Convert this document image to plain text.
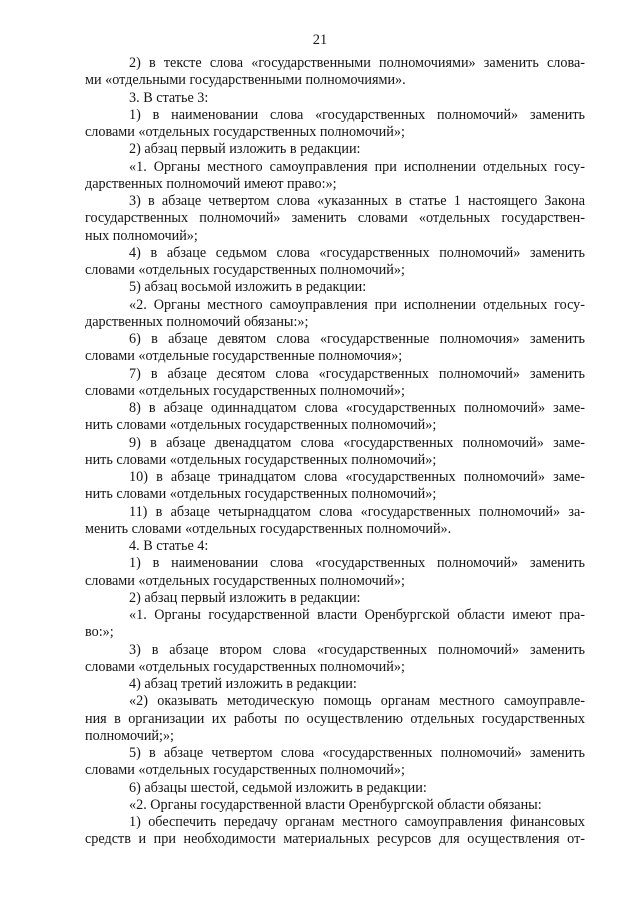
21
2) в тексте слова «государственными полномочиями» заменить слова-
ми «отдельными государственными полномочиями».
3. В статье 3:
1) в наименовании слова «государственных полномочий» заменить
словами «отдельных государственных полномочий»;
2) абзац первый изложить в редакции:
«1. Органы местного самоуправления при исполнении отдельных госу-
дарственных полномочий имеют право:»;
3) в абзаце четвертом слова «указанных в статье 1 настоящего Закона
государственных полномочий» заменить словами «отдельных государствен-
ных полномочий»;
4) в абзаце седьмом слова «государственных полномочий» заменить
словами «отдельных государственных полномочий»;
5) абзац восьмой изложить в редакции:
«2. Органы местного самоуправления при исполнении отдельных госу-
дарственных полномочий обязаны:»;
6) в абзаце девятом слова «государственные полномочия» заменить
словами «отдельные государственные полномочия»;
7) в абзаце десятом слова «государственных полномочий» заменить
словами «отдельных государственных полномочий»;
8) в абзаце одиннадцатом слова «государственных полномочий» заме-
нить словами «отдельных государственных полномочий»;
9) в абзаце двенадцатом слова «государственных полномочий» заме-
нить словами «отдельных государственных полномочий»;
10) в абзаце тринадцатом слова «государственных полномочий» заме-
нить словами «отдельных государственных полномочий»;
11) в абзаце четырнадцатом слова «государственных полномочий» за-
менить словами «отдельных государственных полномочий».
4. В статье 4:
1) в наименовании слова «государственных полномочий» заменить
словами «отдельных государственных полномочий»;
2) абзац первый изложить в редакции:
«1. Органы государственной власти Оренбургской области имеют пра-
во:»;
3) в абзаце втором слова «государственных полномочий» заменить
словами «отдельных государственных полномочий»;
4) абзац третий изложить в редакции:
«2) оказывать методическую помощь органам местного самоуправле-
ния в организации их работы по осуществлению отдельных государственных
полномочий;»;
5) в абзаце четвертом слова «государственных полномочий» заменить
словами «отдельных государственных полномочий»;
6) абзацы шестой, седьмой изложить в редакции:
«2. Органы государственной власти Оренбургской области обязаны:
1) обеспечить передачу органам местного самоуправления финансовых
средств и при необходимости материальных ресурсов для осуществления от-
